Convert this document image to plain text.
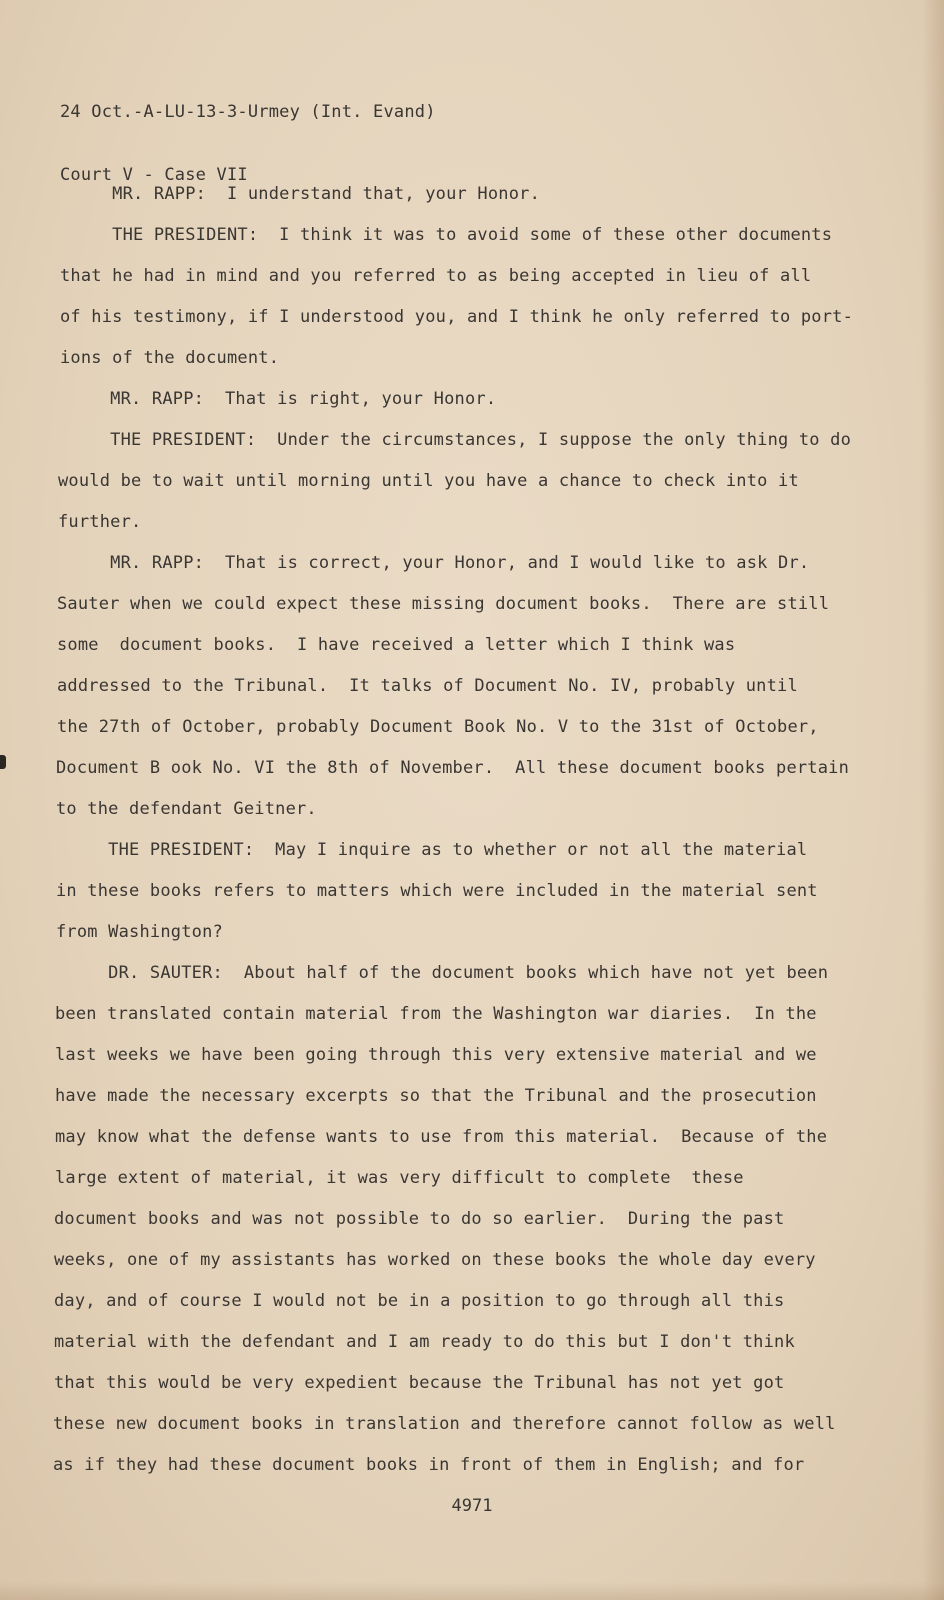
24 Oct.-A-LU-13-3-Urmey (Int. Evand)

Court V - Case VII

MR. RAPP:  I understand that, your Honor.

THE PRESIDENT:  I think it was to avoid some of these other documents

that he had in mind and you referred to as being accepted in lieu of all

of his testimony, if I understood you, and I think he only referred to port-

ions of the document.

MR. RAPP:  That is right, your Honor.

THE PRESIDENT:  Under the circumstances, I suppose the only thing to do

would be to wait until morning until you have a chance to check into it

further.

MR. RAPP:  That is correct, your Honor, and I would like to ask Dr.

Sauter when we could expect these missing document books.  There are still

some  document books.  I have received a letter which I think was

addressed to the Tribunal.  It talks of Document No. IV, probably until

the 27th of October, probably Document Book No. V to the 31st of October,

Document B ook No. VI the 8th of November.  All these document books pertain

to the defendant Geitner.

THE PRESIDENT:  May I inquire as to whether or not all the material

in these books refers to matters which were included in the material sent

from Washington?

DR. SAUTER:  About half of the document books which have not yet been

been translated contain material from the Washington war diaries.  In the

last weeks we have been going through this very extensive material and we

have made the necessary excerpts so that the Tribunal and the prosecution

may know what the defense wants to use from this material.  Because of the

large extent of material, it was very difficult to complete  these

document books and was not possible to do so earlier.  During the past

weeks, one of my assistants has worked on these books the whole day every

day, and of course I would not be in a position to go through all this

material with the defendant and I am ready to do this but I don't think

that this would be very expedient because the Tribunal has not yet got

these new document books in translation and therefore cannot follow as well

as if they had these document books in front of them in English; and for

4971
